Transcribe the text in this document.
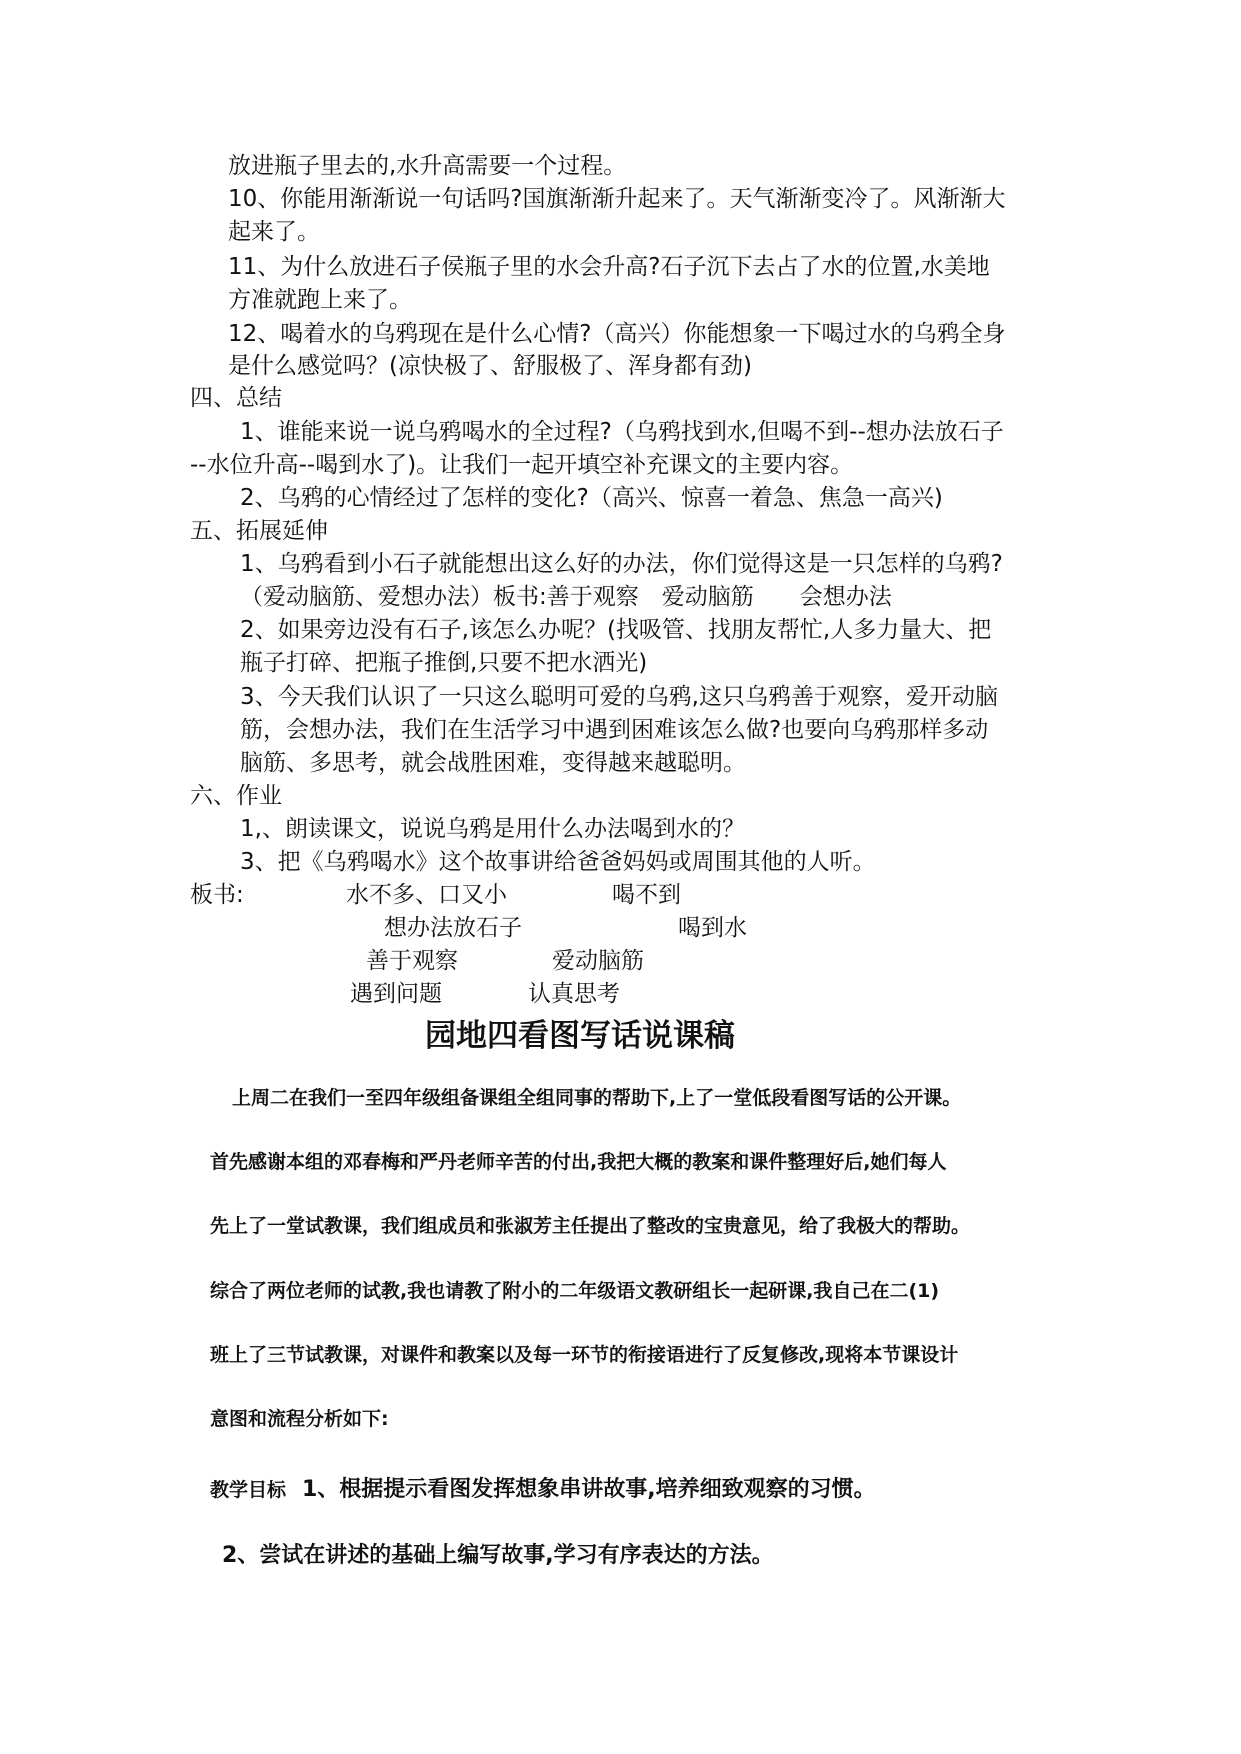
放进瓶子里去的,水升高需要一个过程。
10、你能用渐渐说一句话吗?国旗渐渐升起来了。天气渐渐变冷了。风渐渐大
起来了。
11、为什么放进石子侯瓶子里的水会升高?石子沉下去占了水的位置,水美地
方准就跑上来了。
12、喝着水的乌鸦现在是什么心情?（高兴）你能想象一下喝过水的乌鸦全身
是什么感觉吗？(凉快极了、舒服极了、浑身都有劲)
四、总结
1、谁能来说一说乌鸦喝水的全过程?（乌鸦找到水,但喝不到--想办法放石子
--水位升高--喝到水了)。让我们一起开填空补充课文的主要内容。
2、乌鸦的心情经过了怎样的变化?（高兴、惊喜一着急、焦急一高兴)
五、拓展延伸
1、乌鸦看到小石子就能想出这么好的办法，你们觉得这是一只怎样的乌鸦?
（爱动脑筋、爱想办法）板书:善于观察　爱动脑筋　　会想办法
2、如果旁边没有石子,该怎么办呢？(找吸管、找朋友帮忙,人多力量大、把
瓶子打碎、把瓶子推倒,只要不把水洒光)
3、今天我们认识了一只这么聪明可爱的乌鸦,这只乌鸦善于观察，爱开动脑
筋，会想办法，我们在生活学习中遇到困难该怎么做?也要向乌鸦那样多动
脑筋、多思考，就会战胜困难，变得越来越聪明。
六、作业
1,、朗读课文，说说乌鸦是用什么办法喝到水的？
3、把《乌鸦喝水》这个故事讲给爸爸妈妈或周围其他的人听。
板书:	水不多、口又小	喝不到
想办法放石子	喝到水
善于观察	爱动脑筋
遇到问题	认真思考
园地四看图写话说课稿
上周二在我们一至四年级组备课组全组同事的帮助下,上了一堂低段看图写话的公开课。
首先感谢本组的邓春梅和严丹老师辛苦的付出,我把大概的教案和课件整理好后,她们每人
先上了一堂试教课，我们组成员和张淑芳主任提出了整改的宝贵意见，给了我极大的帮助。
综合了两位老师的试教,我也请教了附小的二年级语文教研组长一起研课,我自己在二(1)
班上了三节试教课，对课件和教案以及每一环节的衔接语进行了反复修改,现将本节课设计
意图和流程分析如下:
教学目标 1、根据提示看图发挥想象串讲故事,培养细致观察的习惯。
2、尝试在讲述的基础上编写故事,学习有序表达的方法。
